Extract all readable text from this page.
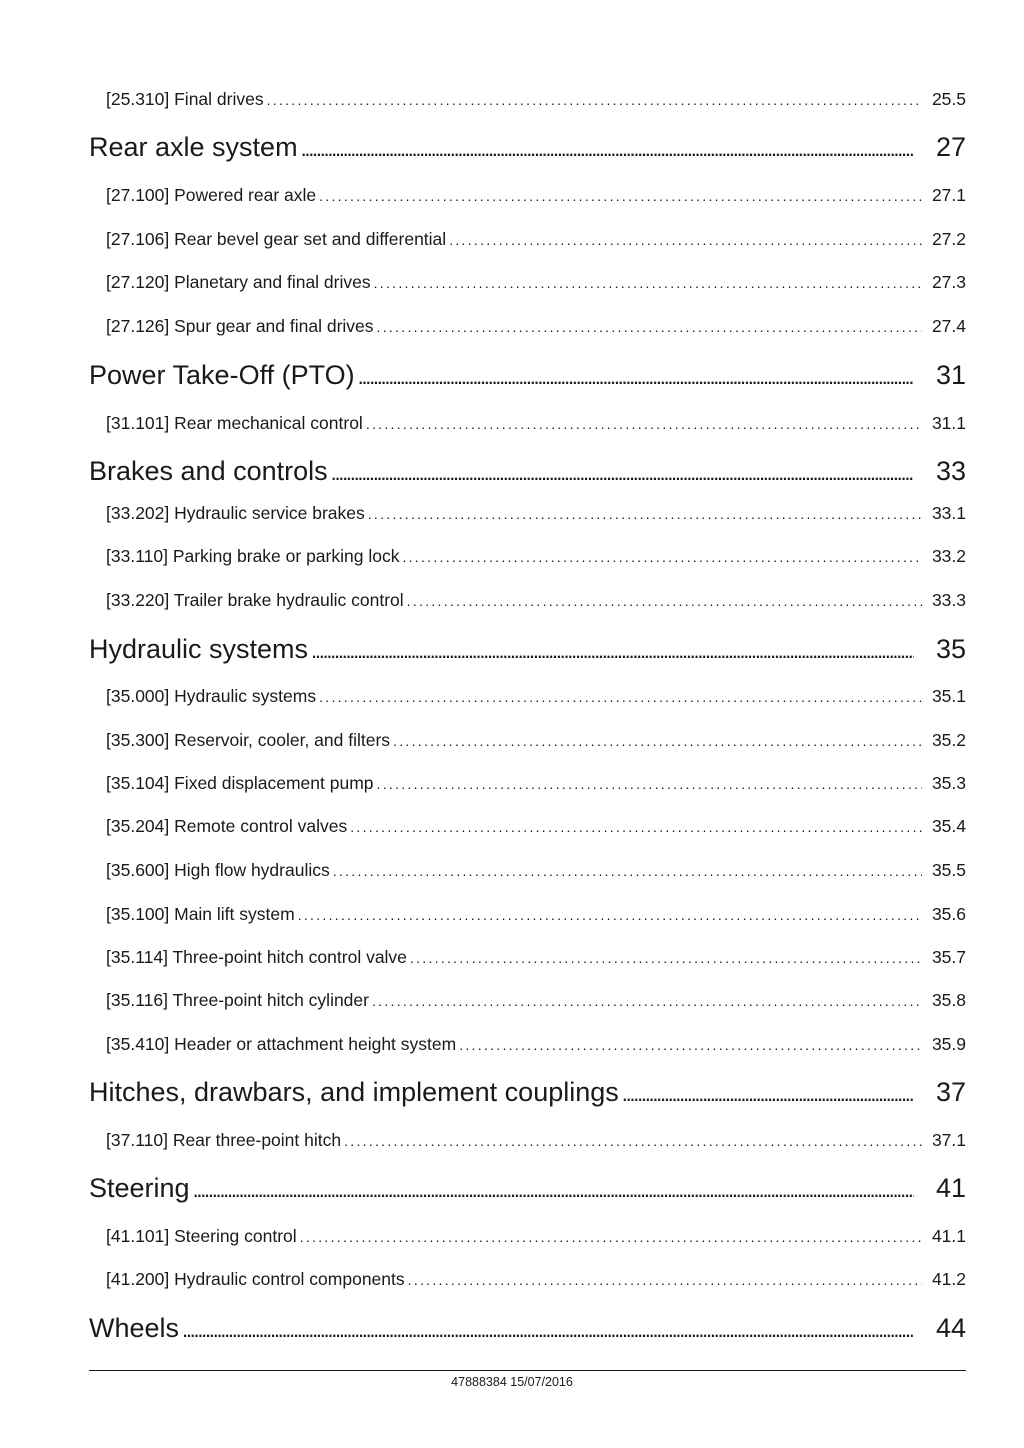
[25.310] Final drives . . .	25.5
Rear axle system . . .	27
[27.100] Powered rear axle . . .	27.1
[27.106] Rear bevel gear set and differential . . .	27.2
[27.120] Planetary and final drives . . .	27.3
[27.126] Spur gear and final drives . . .	27.4
Power Take-Off (PTO) . . .	31
[31.101] Rear mechanical control . . .	31.1
Brakes and controls . . .	33
[33.202] Hydraulic service brakes . . .	33.1
[33.110] Parking brake or parking lock . . .	33.2
[33.220] Trailer brake hydraulic control . . .	33.3
Hydraulic systems . . .	35
[35.000] Hydraulic systems . . .	35.1
[35.300] Reservoir, cooler, and filters . . .	35.2
[35.104] Fixed displacement pump . . .	35.3
[35.204] Remote control valves . . .	35.4
[35.600] High flow hydraulics . . .	35.5
[35.100] Main lift system . . .	35.6
[35.114] Three-point hitch control valve . . .	35.7
[35.116] Three-point hitch cylinder . . .	35.8
[35.410] Header or attachment height system . . .	35.9
Hitches, drawbars, and implement couplings . . .	37
[37.110] Rear three-point hitch . . .	37.1
Steering . . .	41
[41.101] Steering control . . .	41.1
[41.200] Hydraulic control components . . .	41.2
Wheels . . .	44
47888384 15/07/2016
